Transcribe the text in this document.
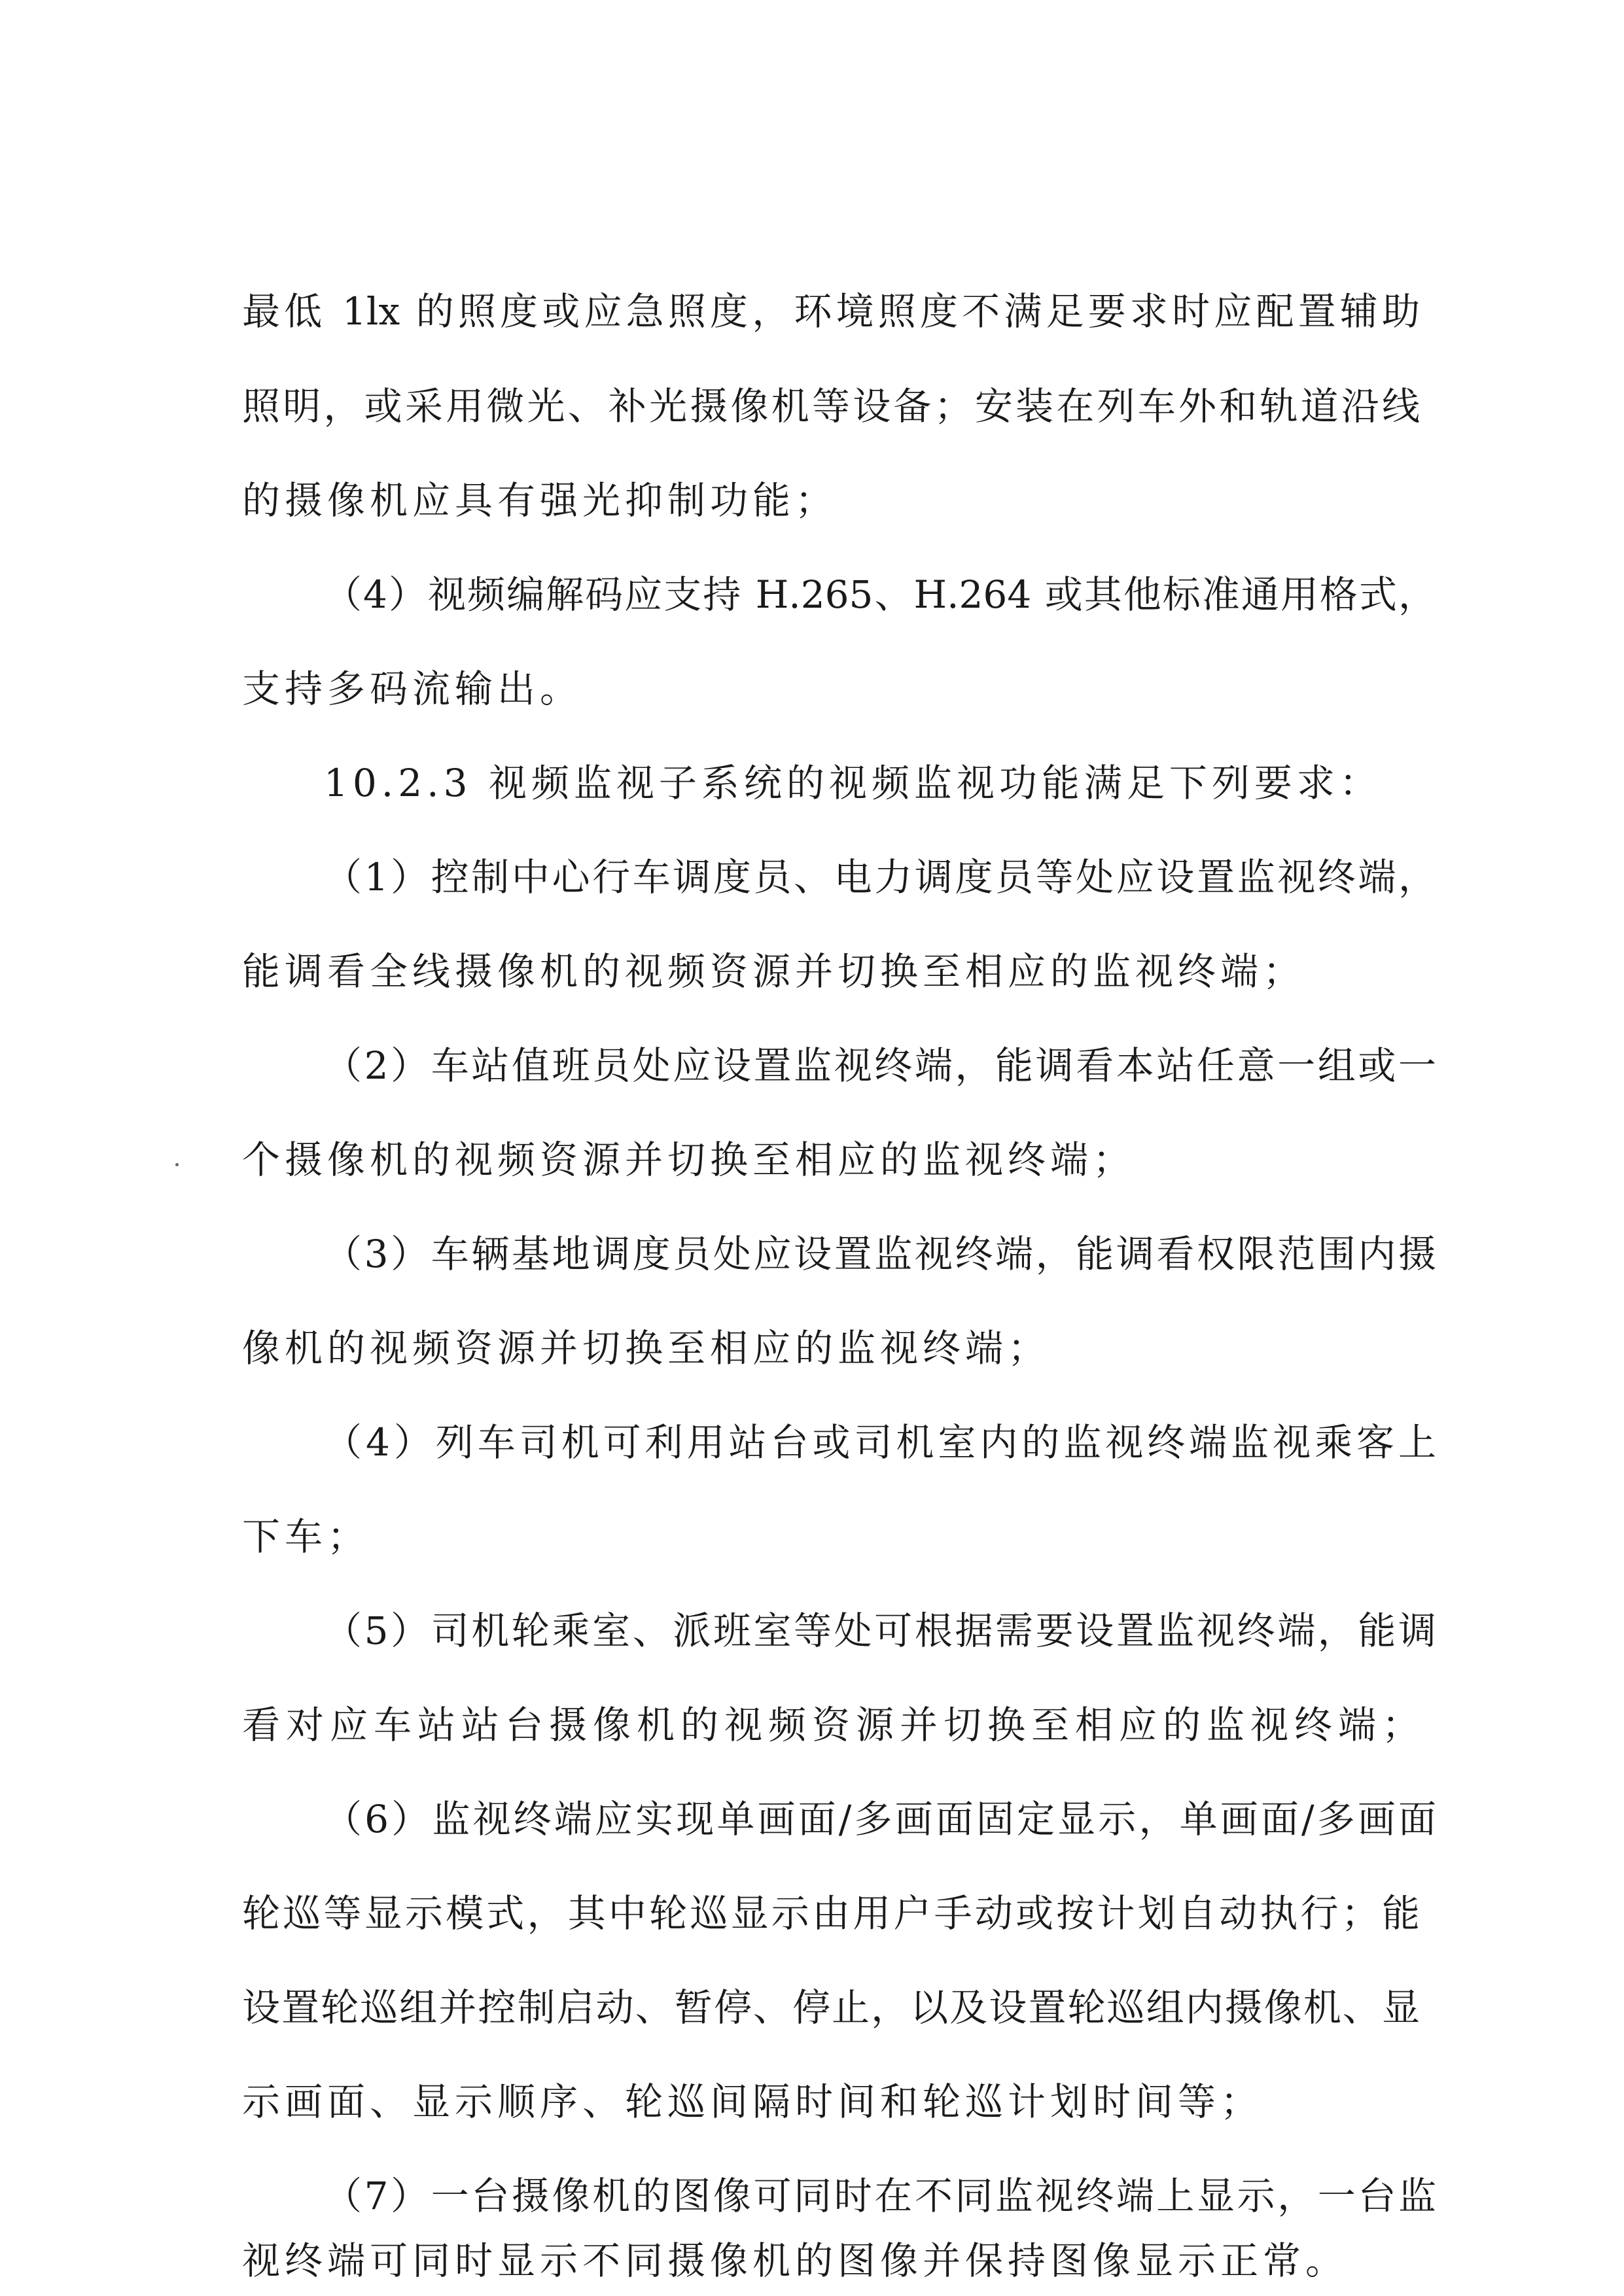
最低 1lx 的照度或应急照度，环境照度不满足要求时应配置辅助
照明，或采用微光、补光摄像机等设备；安装在列车外和轨道沿线
的摄像机应具有强光抑制功能；
（4）视频编解码应支持 H.265、H.264 或其他标准通用格式，
支持多码流输出。
10.2.3 视频监视子系统的视频监视功能满足下列要求：
（1）控制中心行车调度员、电力调度员等处应设置监视终端，
能调看全线摄像机的视频资源并切换至相应的监视终端；
（2）车站值班员处应设置监视终端，能调看本站任意一组或一
个摄像机的视频资源并切换至相应的监视终端；
（3）车辆基地调度员处应设置监视终端，能调看权限范围内摄
像机的视频资源并切换至相应的监视终端；
（4）列车司机可利用站台或司机室内的监视终端监视乘客上
下车；
（5）司机轮乘室、派班室等处可根据需要设置监视终端，能调
看对应车站站台摄像机的视频资源并切换至相应的监视终端；
（6）监视终端应实现单画面/多画面固定显示，单画面/多画面
轮巡等显示模式，其中轮巡显示由用户手动或按计划自动执行；能
设置轮巡组并控制启动、暂停、停止，以及设置轮巡组内摄像机、显
示画面、显示顺序、轮巡间隔时间和轮巡计划时间等；
（7）一台摄像机的图像可同时在不同监视终端上显示，一台监
视终端可同时显示不同摄像机的图像并保持图像显示正常。
